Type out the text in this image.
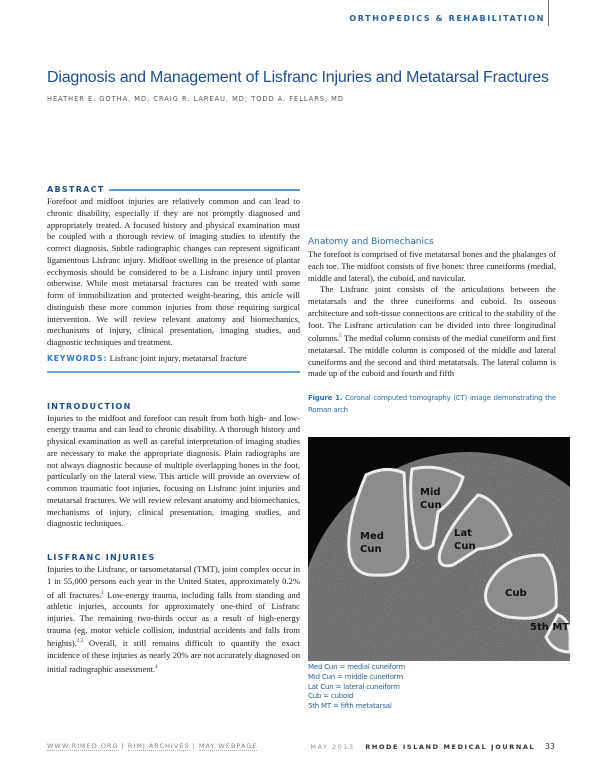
ORTHOPEDICS & REHABILITATION
Diagnosis and Management of Lisfranc Injuries and Metatarsal Fractures
HEATHER E. GOTHA, MD; CRAIG R. LAREAU, MD; TODD A. FELLARS, MD
ABSTRACT

Forefoot and midfoot injuries are relatively common and can lead to chronic disability, especially if they are not promptly diagnosed and appropriately treated. A focused history and physical examination must be coupled with a thorough review of imaging studies to identify the correct diagnosis. Subtle radiographic changes can represent significant ligamentous Lisfranc injury. Midfoot swelling in the presence of plantar ecchymosis should be considered to be a Lisfranc injury until proven otherwise. While most metatarsal fractures can be treated with some form of immobilization and protected weight-bearing, this article will distinguish these more common injuries from those requiring surgical intervention. We will review relevant anatomy and biomechanics, mechanisms of injury, clinical presentation, imaging studies, and diagnostic techniques and treatment.

KEYWORDS: Lisfranc joint injury, metatarsal fracture

INTRODUCTION

Injuries to the midfoot and forefoot can result from both high- and low-energy trauma and can lead to chronic disability. A thorough history and physical examination as well as careful interpretation of imaging studies are necessary to make the appropriate diagnosis. Plain radiographs are not always diagnostic because of multiple overlapping bones in the foot, particularly on the lateral view. This article will provide an overview of common traumatic foot injuries, focusing on Lisfranc joint injuries and metatarsal fractures. We will review relevant anatomy and biomechanics, mechanisms of injury, clinical presentation, imaging studies, and diagnostic techniques.

LISFRANC INJURIES

Injuries to the Lisfranc, or tarsometatarsal (TMT), joint complex occur in 1 in 55,000 persons each year in the United States, approximately 0.2% of all fractures.$^1$ Low-energy trauma, including falls from standing and athletic injuries, accounts for approximately one-third of Lisfranc injuries. The remaining two-thirds occur as a result of high-energy trauma (eg, motor vehicle collision, industrial accidents and falls from heights).$^{2,3}$ Overall, it still remains difficult to quantify the exact incidence of these injuries as nearly 20% are not accurately diagnosed on initial radiographic assessment.$^4$

Anatomy and Biomechanics

The forefoot is comprised of five metatarsal bones and the phalanges of each toe. The midfoot consists of five bones: three cuneiforms (medial, middle and lateral), the cuboid, and navicular.

The Lisfranc joint consists of the articulations between the metatarsals and the three cuneiforms and cuboid. Its osseous architecture and soft-tissue connections are critical to the stability of the foot. The Lisfranc articulation can be divided into three longitudinal columns.$^5$ The medial column consists of the medial cuneiform and first metatarsal. The middle column is composed of the middle and lateral cuneiforms and the second and third metatarsals. The lateral column is made up of the cuboid and fourth and fifth

Figure 1. Coronal computed tomography (CT) image demonstrating the Roman arch
Med
Cun
Mid
Cun
Lat
Cun
Cub
5th MT
Med Cun = medial cuneiform
Mid Cun = middle cuneiform
Lat Cun = lateral cuneiform
Cub = cuboid
5th MT = fifth metatarsal
WWW.RIMED.ORG | RIMJ ARCHIVES | MAY WEBPAGE	MAY 2013 RHODE ISLAND MEDICAL JOURNAL 33
